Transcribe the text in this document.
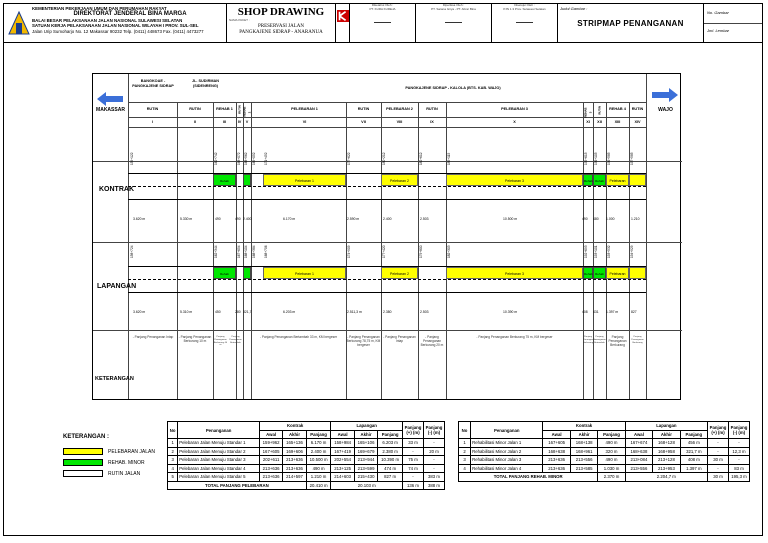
KEMENTERIAN PEKERJAAN UMUM DAN PERUMAHAN RAKYAT
DIREKTORAT JENDERAL BINA MARGA
BALAI BESAR PELAKSANAAN JALAN NASIONAL SULAWESI SELATAN
SATUAN KERJA PELAKSANAAN JALAN NASIONAL WILAYAH I PROV. SUL-SEL
Jalan Urip Sumoharjo No. 12 Makassar 90232 Telp. (0411) 448673 Fax. (0411) 4473277
SHOP DRAWING
NAMA PAKET :
PRESERVASI JALAN
PANGKAJENE SIDRAP - ANARANUA
Diketahui Oleh :
PT. KURA KUREJA

Diperiksa Oleh :
PT. Sarana Griya - PT. Abrar Bina

Disetujui Oleh :
PJN 1.3 Prov. Sulawesi Selatan
	Judul Gambar :
STRIPMAP PENANGANAN
No. Gambar
Jml. Lembar
BANGKOAE - PANGKAJENE SIDRAP
JL. SUDIRMAN (SIDENRENG)
PANGKAJENE SIDRAP - KALOLA (BTS. KAB. WAJO)
MAKASSAR	WAJO
RUTIN
I
RUTIN
II
REHAB 1
III
RUTIN
IV
REHAB 2
V
PELEBARAN 1
VI
RUTIN
VII
PELEBARAN 2
VIII
RUTIN
IX
PELEBARAN 3
X
REHAB 3
XI
RUTIN
XII
REHAB 4
XIII
RUTIN
XIV
KONTRAK
LAPANGAN
KETERANGAN
Pelebaran 1	Pelebaran 2	Pelebaran 3	Pelebaran
Rehab	Rehab Rehab
159+122	162+742	168+072 168+562 169+052	171+452	177+622	180+212	182+612	185+115	195+615 196+105	196+585	197+585
3.620 m	5.330 m	490	490 2.400	6.170 m	2.590 m	2.400	2.503	10.500 m	490 480 1.000	1.210
Pelebaran 1	Pelebaran 2	Pelebaran 3	Pelebaran
Rehab	Rehab Rehab
158+724	162+344	167+654 168+104 168+384	168+706	174+909	177+420	179+800	182+303	192+693 193+101	193+532	194+929
3.620 m	5.310 m	450	280 321,7	6.203 m	2.511,3 m	2.380	2.503	10.390 m	408 431 1.397 m	827
- Panjang Penanganan Intap	- Panjang Penanganan Berkurang 10 m
Panjang Penanganan Berkurang 40 m
Panjang Penanganan Bertambah
- Panjang Penanganan Bertambah 33 m, KM bergeser	- Panjang Penanganan Berkurang 78,75 m, KM bergeser
- Panjang Penanganan Intap
- Panjang Penanganan Berkurang 20 m
- Panjang Penanganan Berkurang 75 m, KM bergeser	Panjang Penanganan Berkurang
Panjang Penanganan Bertambah
Panjang Penanganan Berkurang
Panjang Penanganan Berkurang
KETERANGAN :
PELEBARAN JALAN
REHAB. MINOR
RUTIN JALAN
No	Penanganan	Kontrak			Lapangan			Panjang (+) (m)	Panjang (-) (m)
		Awal	Akhir	Panjang	Awal	Akhir	Panjang		
1	Pelebaran Jalan Menuju Standar 1	159+962	165+136	6.170 m	158+984	165+106	6.203 m	33 m	-
2	Pelebaran Jalan Menuju Standar 2	167+605	169+606	2.400 m	167+419	169+679	2.380 m	-	20 m
3	Pelebaran Jalan Menuju Standar 3	202+611	213+636	10.500 m	202+554	213+944	10.390 m	75 m	-
4	Pelebaran Jalan Menuju Standar 4	213+636	213+636	490 m	213+125	213+599	474 m	74 m	-
5	Pelebaran Jalan Menuju Standar 5	213+636	214+597	1.210 m	214+603	215+430	827 m	-	383 m
TOTAL PANJANG PELEBARAN				20.410 m	20.103 m			136 m	388 m
No	Penanganan	Kontrak			Lapangan			Panjang (+) (m)	Panjang (-) (m)
		Awal	Akhir	Panjang	Awal	Akhir	Panjang		
1	Rehabilitasi Minor Jalan 1	167+605	168+138	490 m	167+674	168+128	456 m	-	-
2	Rehabilitasi Minor Jalan 2	168+638	168+961	320 m	168+638	168+958	321,7 m	-	12,3 m
3	Rehabilitasi Minor Jalan 3	213+636	213+556	490 m	213+084	213+128	408 m	30 m	-
4	Rehabilitasi Minor Jalan 4	213+636	213+585	1.030 m	213+556	213+953	1.397 m	-	83 m
TOTAL PANJANG REHAB. MINOR				2.370 m	2.204,7 m			30 m	195,3 m
